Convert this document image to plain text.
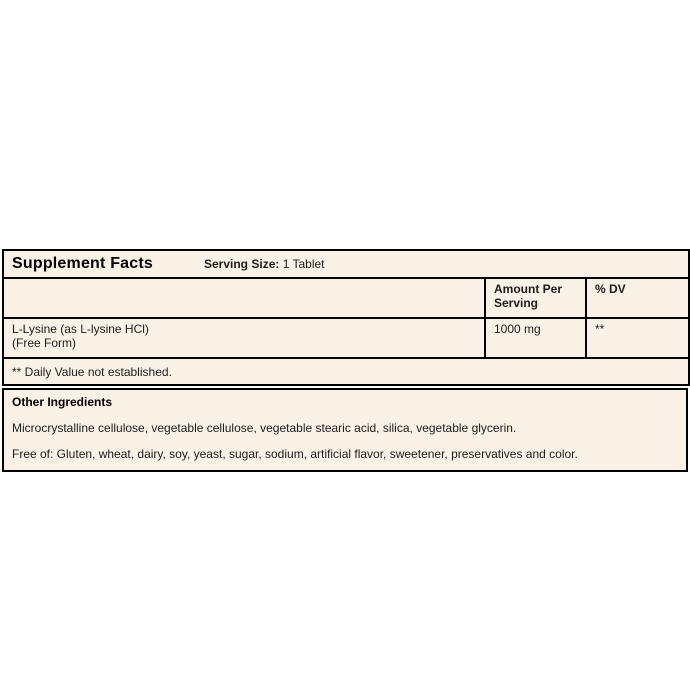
Supplement Facts Serving Size: 1 Tablet		

	Amount Per Serving	% DV

L-Lysine (as L-lysine HCl)
(Free Form)	1000 mg	**
** Daily Value not established.		
Other Ingredients
Microcrystalline cellulose, vegetable cellulose, vegetable stearic acid, silica, vegetable glycerin.
Free of: Gluten, wheat, dairy, soy, yeast, sugar, sodium, artificial flavor, sweetener, preservatives and color.
